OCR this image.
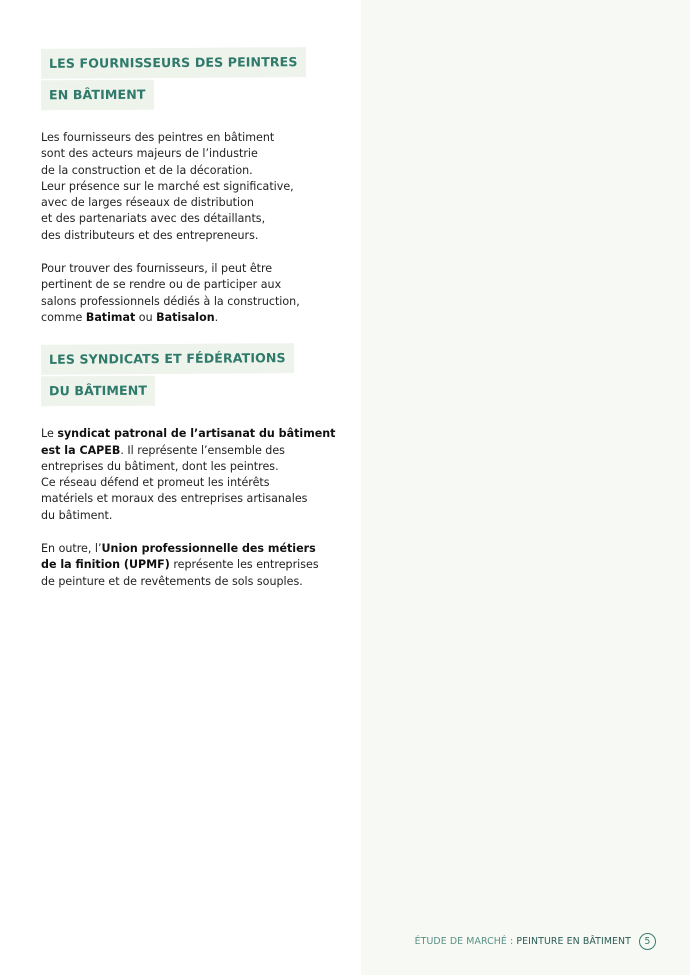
LES FOURNISSEURS DES PEINTRES
EN BÂTIMENT

Les fournisseurs des peintres en bâtiment

sont des acteurs majeurs de l’industrie

de la construction et de la décoration.

Leur présence sur le marché est significative,

avec de larges réseaux de distribution

et des partenariats avec des détaillants,

des distributeurs et des entrepreneurs.

Pour trouver des fournisseurs, il peut être

pertinent de se rendre ou de participer aux

salons professionnels dédiés à la construction,

comme Batimat ou Batisalon.

LES SYNDICATS ET FÉDÉRATIONS
DU BÂTIMENT

Le syndicat patronal de l’artisanat du bâtiment

est la CAPEB. Il représente l’ensemble des

entreprises du bâtiment, dont les peintres.

Ce réseau défend et promeut les intérêts

matériels et moraux des entreprises artisanales

du bâtiment.

En outre, l’Union professionnelle des métiers

de la finition (UPMF) représente les entreprises

de peinture et de revêtements de sols souples.

ÉTUDE DE MARCHÉ : PEINTURE EN BÂTIMENT	5
